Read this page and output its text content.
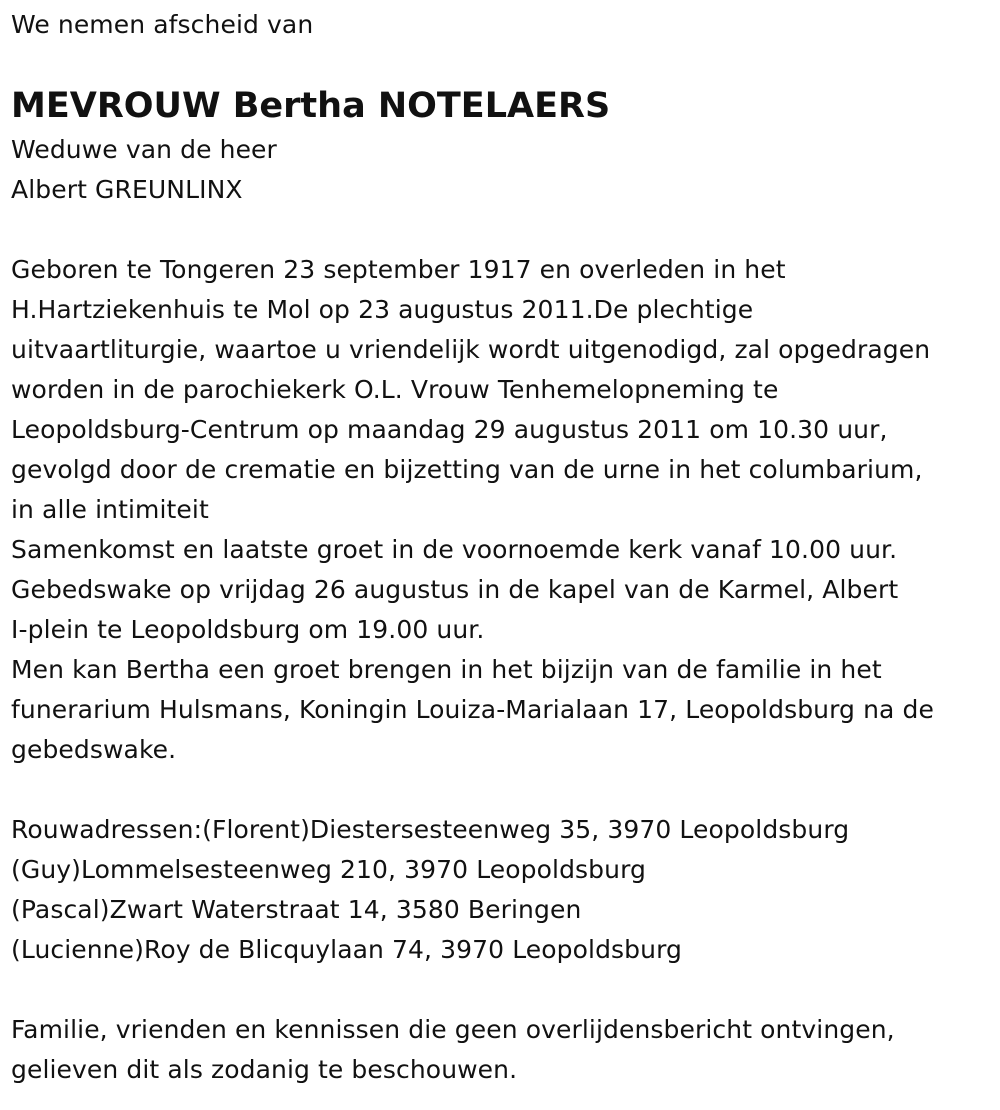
We nemen afscheid van
MEVROUW Bertha NOTELAERS
Weduwe van de heer
Albert GREUNLINX
Geboren te Tongeren 23 september 1917 en overleden in het
H.Hartziekenhuis te Mol op 23 augustus 2011.De plechtige
uitvaartliturgie, waartoe u vriendelijk wordt uitgenodigd, zal opgedragen
worden in de parochiekerk O.L. Vrouw Tenhemelopneming te
Leopoldsburg-Centrum op maandag 29 augustus 2011 om 10.30 uur,
gevolgd door de crematie en bijzetting van de urne in het columbarium,
in alle intimiteit
Samenkomst en laatste groet in de voornoemde kerk vanaf 10.00 uur.
Gebedswake op vrijdag 26 augustus in de kapel van de Karmel, Albert
I-plein te Leopoldsburg om 19.00 uur.
Men kan Bertha een groet brengen in het bijzijn van de familie in het
funerarium Hulsmans, Koningin Louiza-Marialaan 17, Leopoldsburg na de
gebedswake.
Rouwadressen:(Florent)Diestersesteenweg 35, 3970 Leopoldsburg
(Guy)Lommelsesteenweg 210, 3970 Leopoldsburg
(Pascal)Zwart Waterstraat 14, 3580 Beringen
(Lucienne)Roy de Blicquylaan 74, 3970 Leopoldsburg
Familie, vrienden en kennissen die geen overlijdensbericht ontvingen,
gelieven dit als zodanig te beschouwen.
